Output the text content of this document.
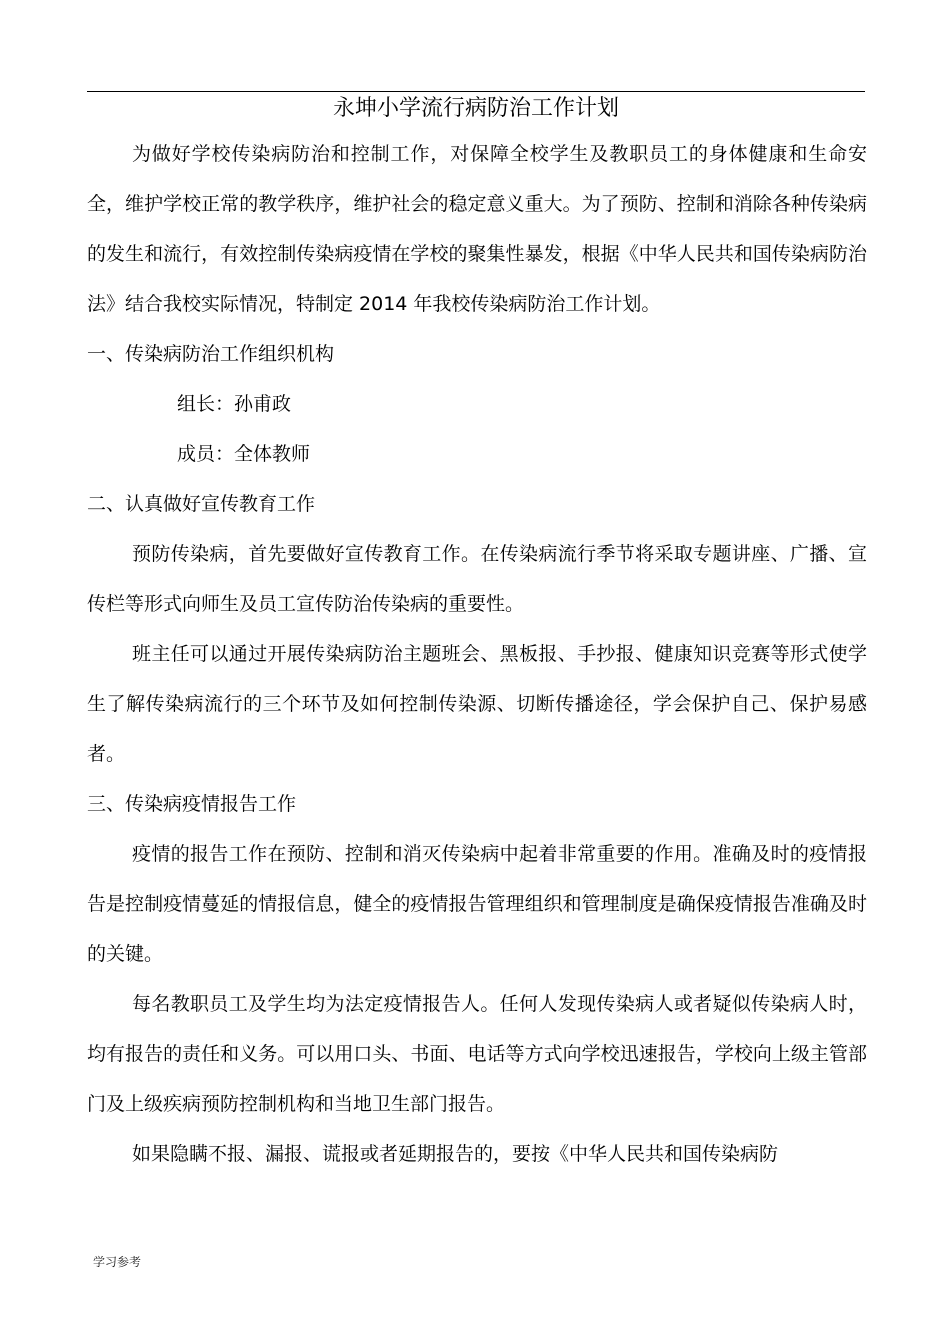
永坤小学流行病防治工作计划

为做好学校传染病防治和控制工作，对保障全校学生及教职员工的身体健康和生命安全，维护学校正常的教学秩序，维护社会的稳定意义重大。为了预防、控制和消除各种传染病的发生和流行，有效控制传染病疫情在学校的聚集性暴发，根据《中华人民共和国传染病防治法》结合我校实际情况，特制定 2014 年我校传染病防治工作计划。

一、传染病防治工作组织机构

组长：孙甫政

成员：全体教师

二、认真做好宣传教育工作

预防传染病，首先要做好宣传教育工作。在传染病流行季节将采取专题讲座、广播、宣传栏等形式向师生及员工宣传防治传染病的重要性。

班主任可以通过开展传染病防治主题班会、黑板报、手抄报、健康知识竞赛等形式使学生了解传染病流行的三个环节及如何控制传染源、切断传播途径，学会保护自己、保护易感者。

三、传染病疫情报告工作

疫情的报告工作在预防、控制和消灭传染病中起着非常重要的作用。准确及时的疫情报告是控制疫情蔓延的情报信息，健全的疫情报告管理组织和管理制度是确保疫情报告准确及时的关键。

每名教职员工及学生均为法定疫情报告人。任何人发现传染病人或者疑似传染病人时，均有报告的责任和义务。可以用口头、书面、电话等方式向学校迅速报告，学校向上级主管部门及上级疾病预防控制机构和当地卫生部门报告。

如果隐瞒不报、漏报、谎报或者延期报告的，要按《中华人民共和国传染病防

学习参考
